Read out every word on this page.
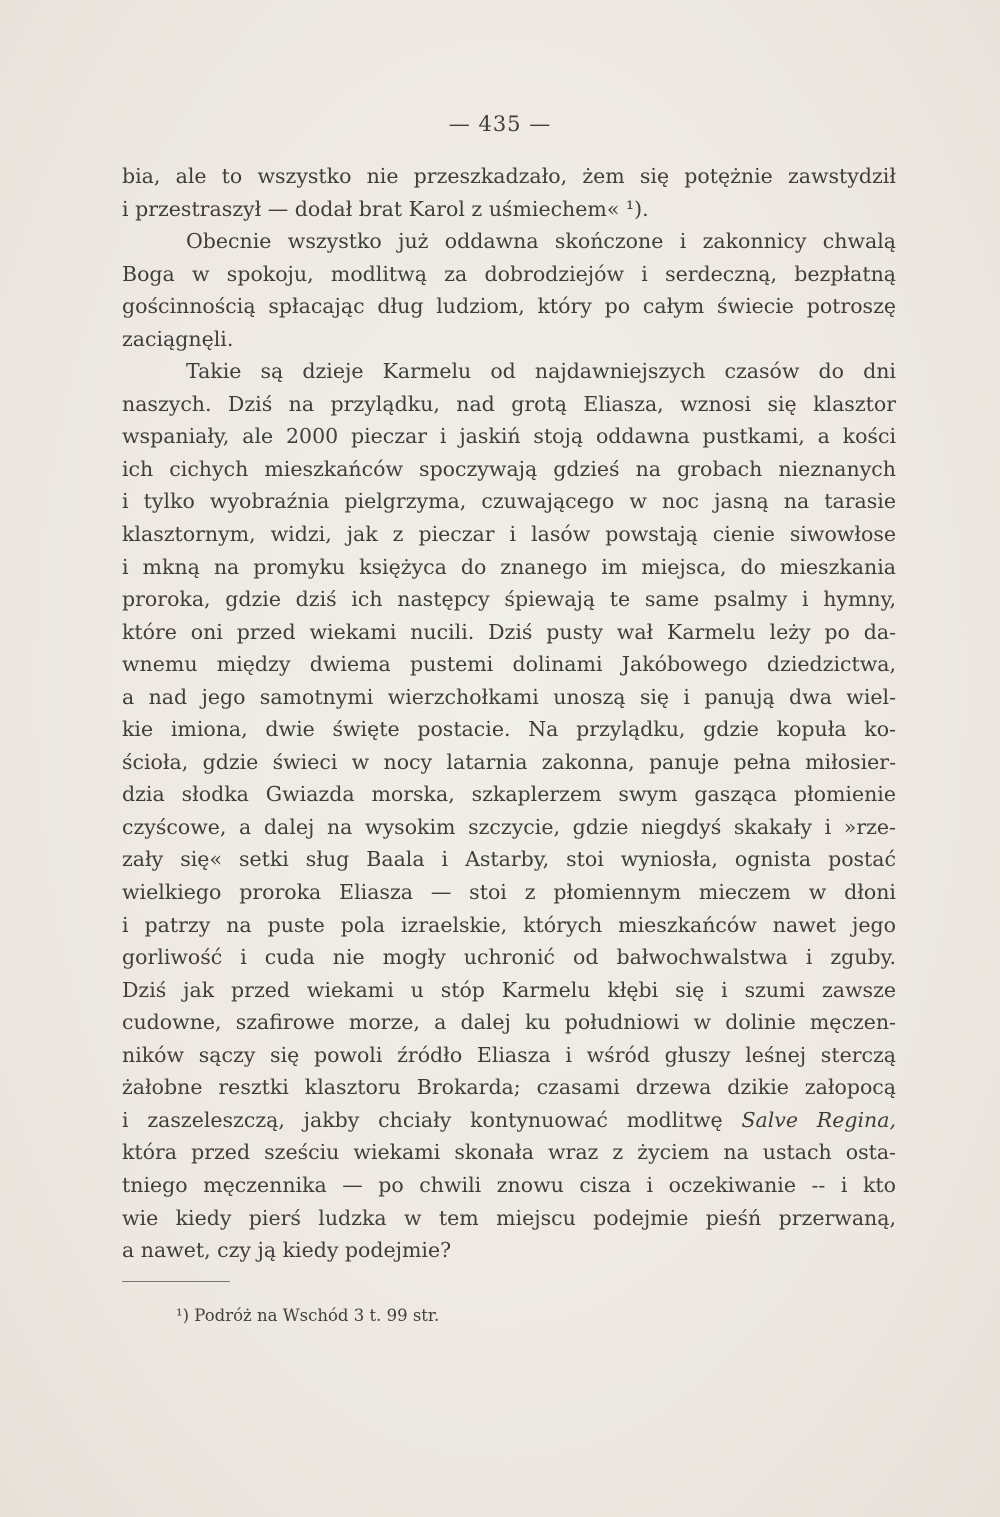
— 435 —
bia, ale to wszystko nie przeszkadzało, żem się potężnie zawstydził
i przestraszył — dodał brat Karol z uśmiechem« ¹).
Obecnie wszystko już oddawna skończone i zakonnicy chwalą
Boga w spokoju, modlitwą za dobrodziejów i serdeczną, bezpłatną
gościnnością spłacając dług ludziom, który po całym świecie potroszę
zaciągnęli.
Takie są dzieje Karmelu od najdawniejszych czasów do dni
naszych. Dziś na przylądku, nad grotą Eliasza, wznosi się klasztor
wspaniały, ale 2000 pieczar i jaskiń stoją oddawna pustkami, a kości
ich cichych mieszkańców spoczywają gdzieś na grobach nieznanych
i tylko wyobraźnia pielgrzyma, czuwającego w noc jasną na tarasie
klasztornym, widzi, jak z pieczar i lasów powstają cienie siwowłose
i mkną na promyku księżyca do znanego im miejsca, do mieszkania
proroka, gdzie dziś ich następcy śpiewają te same psalmy i hymny,
które oni przed wiekami nucili. Dziś pusty wał Karmelu leży po da-
wnemu między dwiema pustemi dolinami Jakóbowego dziedzictwa,
a nad jego samotnymi wierzchołkami unoszą się i panują dwa wiel-
kie imiona, dwie święte postacie. Na przylądku, gdzie kopuła ko-
ścioła, gdzie świeci w nocy latarnia zakonna, panuje pełna miłosier-
dzia słodka Gwiazda morska, szkaplerzem swym gasząca płomienie
czyścowe, a dalej na wysokim szczycie, gdzie niegdyś skakały i »rze-
zały się« setki sług Baala i Astarby, stoi wyniosła, ognista postać
wielkiego proroka Eliasza — stoi z płomiennym mieczem w dłoni
i patrzy na puste pola izraelskie, których mieszkańców nawet jego
gorliwość i cuda nie mogły uchronić od bałwochwalstwa i zguby.
Dziś jak przed wiekami u stóp Karmelu kłębi się i szumi zawsze
cudowne, szafirowe morze, a dalej ku południowi w dolinie męczen-
ników sączy się powoli źródło Eliasza i wśród głuszy leśnej sterczą
żałobne resztki klasztoru Brokarda; czasami drzewa dzikie załopocą
i zaszeleszczą, jakby chciały kontynuować modlitwę Salve Regina,
która przed sześciu wiekami skonała wraz z życiem na ustach osta-
tniego męczennika — po chwili znowu cisza i oczekiwanie -- i kto
wie kiedy pierś ludzka w tem miejscu podejmie pieśń przerwaną,
a nawet, czy ją kiedy podejmie?
¹) Podróż na Wschód 3 t. 99 str.
